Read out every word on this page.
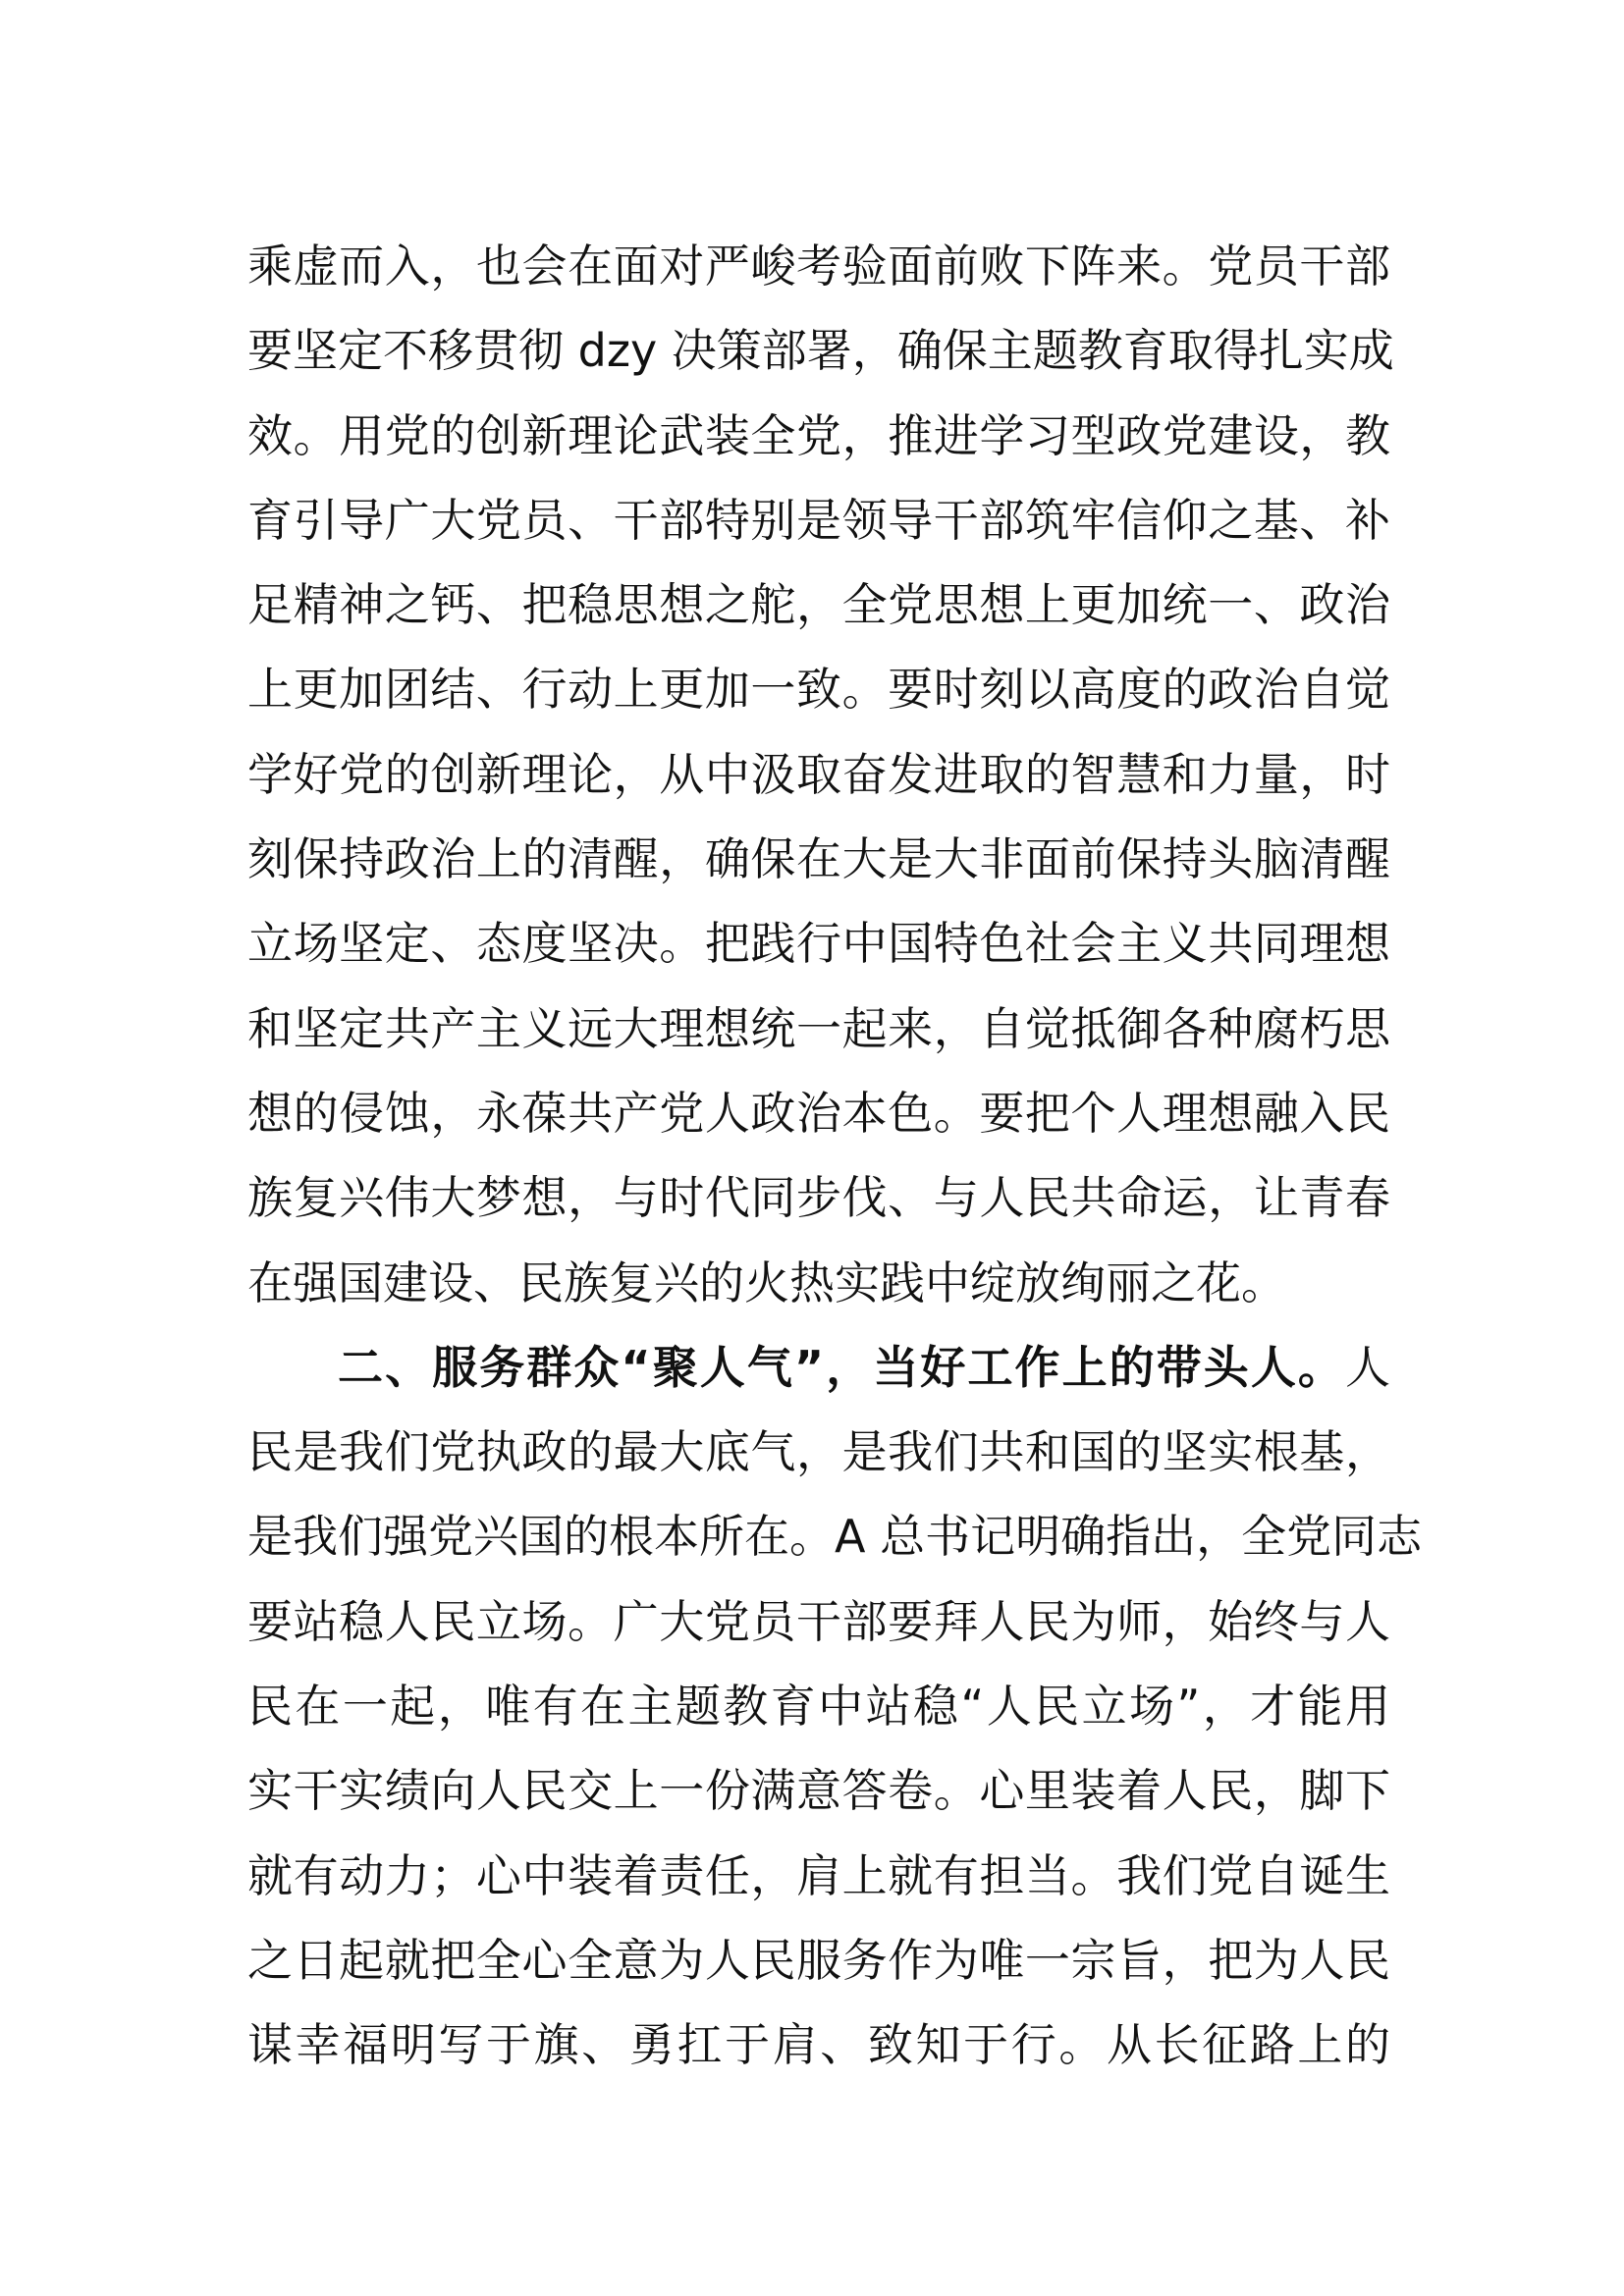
乘虚而入，也会在面对严峻考验面前败下阵来。党员干部
要坚定不移贯彻 dzy 决策部署，确保主题教育取得扎实成
效。用党的创新理论武装全党，推进学习型政党建设，教
育引导广大党员、干部特别是领导干部筑牢信仰之基、补
足精神之钙、把稳思想之舵，全党思想上更加统一、政治
上更加团结、行动上更加一致。要时刻以高度的政治自觉
学好党的创新理论，从中汲取奋发进取的智慧和力量，时
刻保持政治上的清醒，确保在大是大非面前保持头脑清醒
立场坚定、态度坚决。把践行中国特色社会主义共同理想
和坚定共产主义远大理想统一起来，自觉抵御各种腐朽思
想的侵蚀，永葆共产党人政治本色。要把个人理想融入民
族复兴伟大梦想，与时代同步伐、与人民共命运，让青春
在强国建设、民族复兴的火热实践中绽放绚丽之花。
二、服务群众“聚人气”，当好工作上的带头人。人
民是我们党执政的最大底气，是我们共和国的坚实根基，
是我们强党兴国的根本所在。A 总书记明确指出，全党同志
要站稳人民立场。广大党员干部要拜人民为师，始终与人
民在一起，唯有在主题教育中站稳“人民立场”，才能用
实干实绩向人民交上一份满意答卷。心里装着人民，脚下
就有动力；心中装着责任，肩上就有担当。我们党自诞生
之日起就把全心全意为人民服务作为唯一宗旨，把为人民
谋幸福明写于旗、勇扛于肩、致知于行。从长征路上的
